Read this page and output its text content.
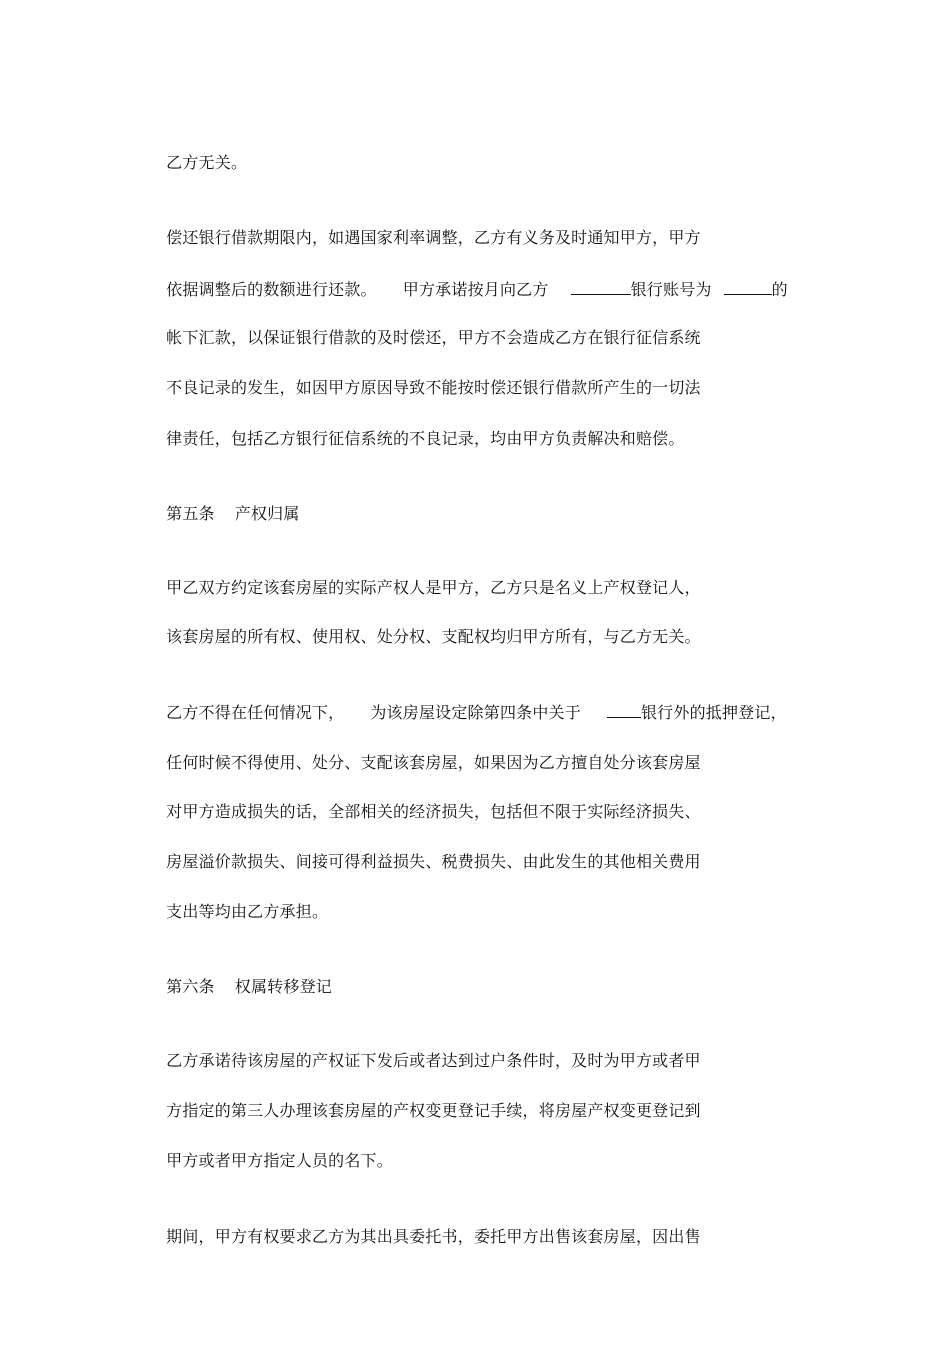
乙方无关。

偿还银行借款期限内，如遇国家利率调整，乙方有义务及时通知甲方，甲方

依据调整后的数额进行还款。 甲方承诺按月向乙方	银行账号为	的

帐下汇款，以保证银行借款的及时偿还，甲方不会造成乙方在银行征信系统

不良记录的发生，如因甲方原因导致不能按时偿还银行借款所产生的一切法

律责任，包括乙方银行征信系统的不良记录，均由甲方负责解决和赔偿。

第五条 产权归属

甲乙双方约定该套房屋的实际产权人是甲方，乙方只是名义上产权登记人，

该套房屋的所有权、使用权、处分权、支配权均归甲方所有，与乙方无关。

乙方不得在任何情况下， 为该房屋设定除第四条中关于	银行外的抵押登记，

任何时候不得使用、处分、支配该套房屋，如果因为乙方擅自处分该套房屋

对甲方造成损失的话，全部相关的经济损失，包括但不限于实际经济损失、

房屋溢价款损失、间接可得利益损失、税费损失、由此发生的其他相关费用

支出等均由乙方承担。

第六条 权属转移登记

乙方承诺待该房屋的产权证下发后或者达到过户条件时，及时为甲方或者甲

方指定的第三人办理该套房屋的产权变更登记手续，将房屋产权变更登记到

甲方或者甲方指定人员的名下。

期间，甲方有权要求乙方为其出具委托书，委托甲方出售该套房屋，因出售
